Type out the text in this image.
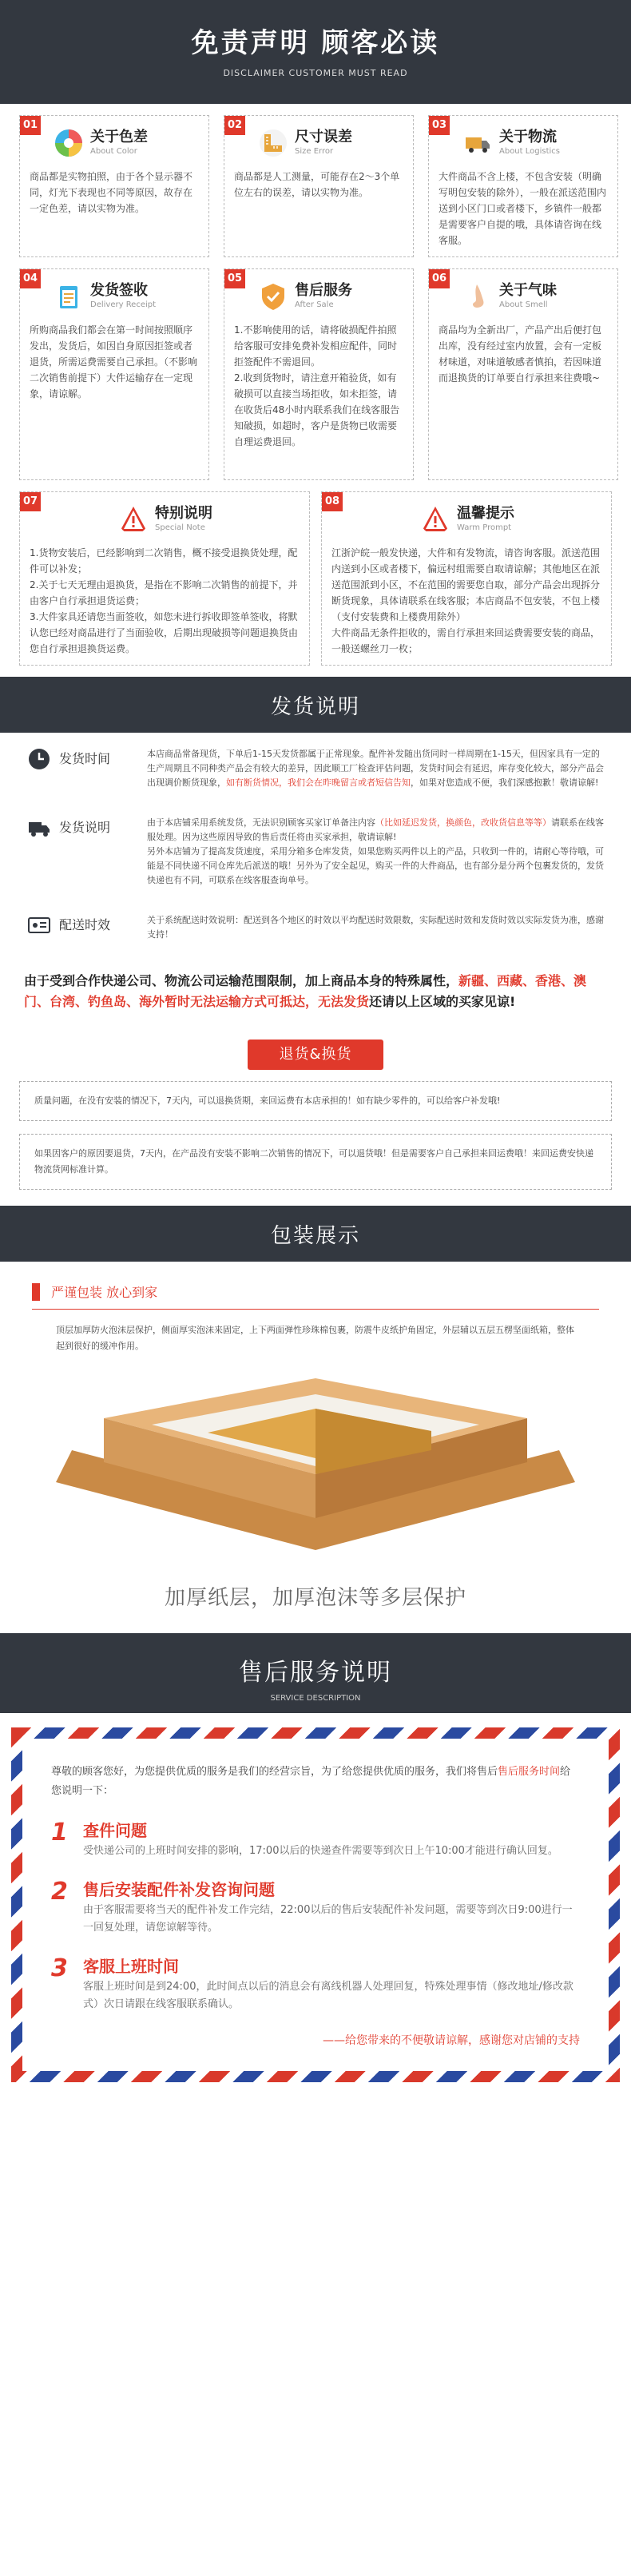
免责声明 顾客必读

DISCLAIMER CUSTOMER MUST READ

01
关于色差
About Color
商品都是实物拍照，由于各个显示器不同，灯光下表现也不同等原因，故存在一定色差，请以实物为准。
02
尺寸误差
Size Error
商品都是人工测量，可能存在2～3个单位左右的误差，请以实物为准。
03
关于物流
About Logistics
大件商品不含上楼，不包含安装（明确写明包安装的除外），一般在派送范围内送到小区门口或者楼下，乡镇件一般都是需要客户自提的哦，具体请咨询在线客服。
04
发货签收
Delivery Receipt
所购商品我们都会在第一时间按照顺序发出，发货后，如因自身原因拒签或者退货，所需运费需要自己承担。（不影响二次销售前提下）大件运输存在一定现象，请谅解。
05
售后服务
After Sale
1.不影响使用的话，请将破损配件拍照给客服可安排免费补发相应配件，同时拒签配件不需退回。
2.收到货物时，请注意开箱验货，如有破损可以直接当场拒收，如未拒签，请在收货后48小时内联系我们在线客服告知破损，如超时，客户是货物已收需要自理运费退回。
06
关于气味
About Smell
商品均为全新出厂，产品产出后便打包出库，没有经过室内放置，会有一定板材味道，对味道敏感者慎拍，若因味道而退换货的订单要自行承担来往费哦~
07
特别说明
Special Note
1.货物安装后，已经影响到二次销售，概不接受退换货处理，配件可以补发；
2.关于七天无理由退换货，是指在不影响二次销售的前提下，并由客户自行承担退货运费；
3.大件家具还请您当面签收，如您未进行拆收即签单签收，将默认您已经对商品进行了当面验收，后期出现破损等问题退换货由您自行承担退换货运费。
08
温馨提示
Warm Prompt
江浙沪皖一般发快递，大件和有发物流，请咨询客服。派送范围内送到小区或者楼下，偏远村组需要自取请谅解；其他地区在派送范围派到小区，不在范围的需要您自取，部分产品会出现拆分断货现象，具体请联系在线客服；本店商品不包安装，不包上楼（支付安装费和上楼费用除外）
大件商品无条件拒收的，需自行承担来回运费需要安装的商品，一般送螺丝刀一枚；
发货说明
发货时间	本店商品常备现货，下单后1-15天发货都属于正常现象。配件补发随出货同时一样周期在1-15天，但因家具有一定的生产周期且不同种类产品会有较大的差异，因此顺工厂检查评估问题，发货时间会有延迟，库存变化较大，部分产品会出现调价断货现象，如有断货情况，我们会在昨晚留言或者短信告知，如果对您造成不便，我们深感抱歉！敬请谅解!
发货说明	由于本店铺采用系统发货，无法识别顾客买家订单备注内容（比如延迟发货，换颜色，改收货信息等等）请联系在线客服处理。因为这些原因导致的售后责任将由买家承担，敬请谅解!
另外本店铺为了提高发货速度，采用分箱多仓库发货，如果您购买两件以上的产品，只收到一件的，请耐心等待哦，可能是不同快递不同仓库先后派送的哦！另外为了安全起见，购买一件的大件商品，也有部分是分两个包裹发货的，发货快递也有不同，可联系在线客服查询单号。
配送时效	关于系统配送时效说明：配送到各个地区的时效以平均配送时效限数，实际配送时效和发货时效以实际发货为准，感谢支持！
由于受到合作快递公司、物流公司运输范围限制，加上商品本身的特殊属性，新疆、西藏、香港、澳门、台湾、钓鱼岛、海外暂时无法运输方式可抵达，无法发货还请以上区域的买家见谅!
退货&换货
质量问题，在没有安装的情况下，7天内，可以退换货期，来回运费有本店承担的！如有缺少零件的，可以给客户补发哦!
如果因客户的原因要退货，7天内，在产品没有安装不影响二次销售的情况下，可以退货哦！但是需要客户自己承担来回运费哦！来回运费安快递物流货网标准计算。
包装展示
严谨包装 放心到家
顶层加厚防火泡沫层保护，侧面厚实泡沫来固定，上下两面弹性珍珠棉包裹，防震牛皮纸护角固定，外层辅以五层五楞坚面纸箱，整体起到很好的缓冲作用。
加厚纸层，加厚泡沫等多层保护
售后服务说明
SERVICE DESCRIPTION
尊敬的顾客您好，为您提供优质的服务是我们的经营宗旨，为了给您提供优质的服务，我们将售后售后服务时间给您说明一下：
1 查件问题
受快递公司的上班时间安排的影响，17:00以后的快递查件需要等到次日上午10:00才能进行确认回复。
2 售后安装配件补发咨询问题
由于客服需要将当天的配件补发工作完结，22:00以后的售后安装配件补发问题，需要等到次日9:00进行一一回复处理，请您谅解等待。
3 客服上班时间
客服上班时间是到24:00，此时间点以后的消息会有离线机器人处理回复，特殊处理事情（修改地址/修改款式）次日请跟在线客服联系确认。
——给您带来的不便敬请谅解，感谢您对店铺的支持
